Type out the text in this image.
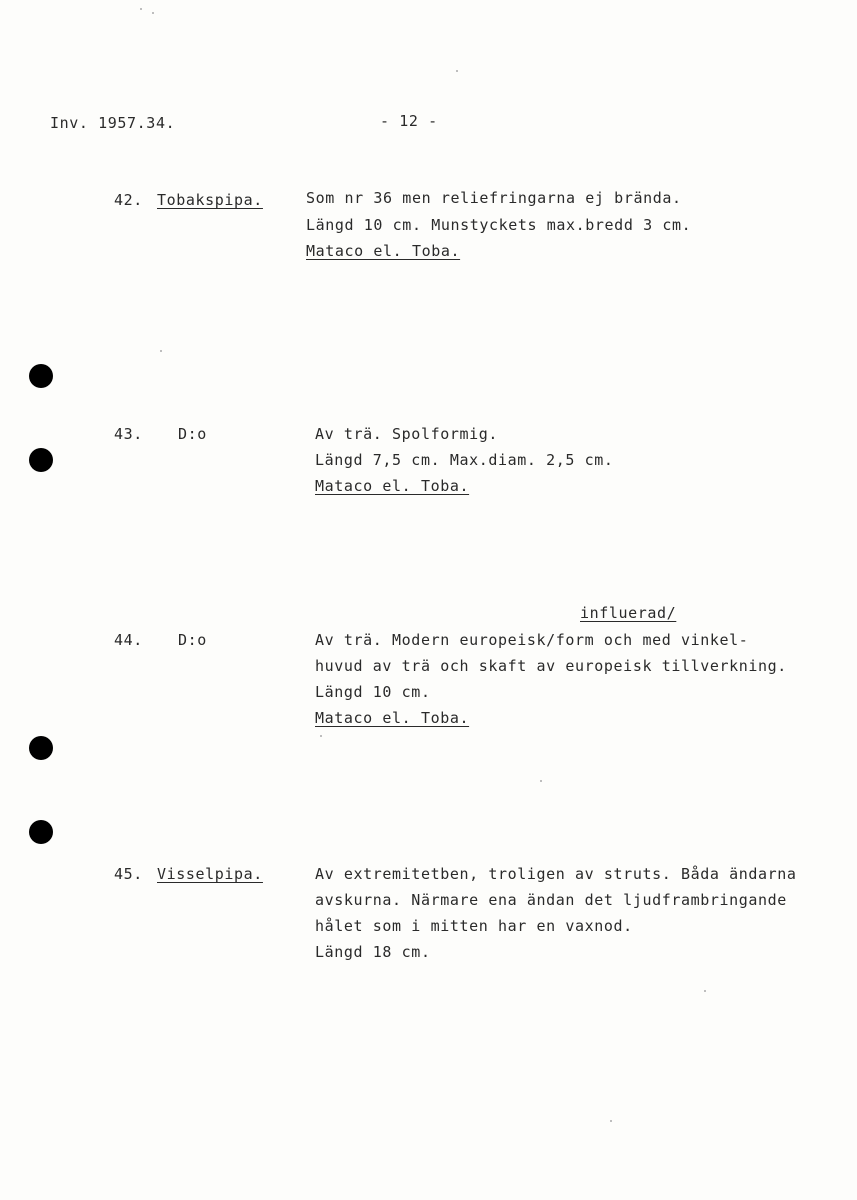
Inv. 1957.34.	- 12 -
42. Tobakspipa.	Som nr 36 men reliefringarna ej brända.
Längd 10 cm. Munstyckets max.bredd 3 cm.
Mataco el. Toba.
43. D:o	Av trä. Spolformig.
Längd 7,5 cm. Max.diam. 2,5 cm.
Mataco el. Toba.
influerad/
44. D:o	Av trä. Modern europeisk/form och med vinkel-
huvud av trä och skaft av europeisk tillverkning.
Längd 10 cm.
Mataco el. Toba.
45. Visselpipa.	Av extremitetben, troligen av struts. Båda ändarna
avskurna. Närmare ena ändan det ljudframbringande
hålet som i mitten har en vaxnod.
Längd 18 cm.
